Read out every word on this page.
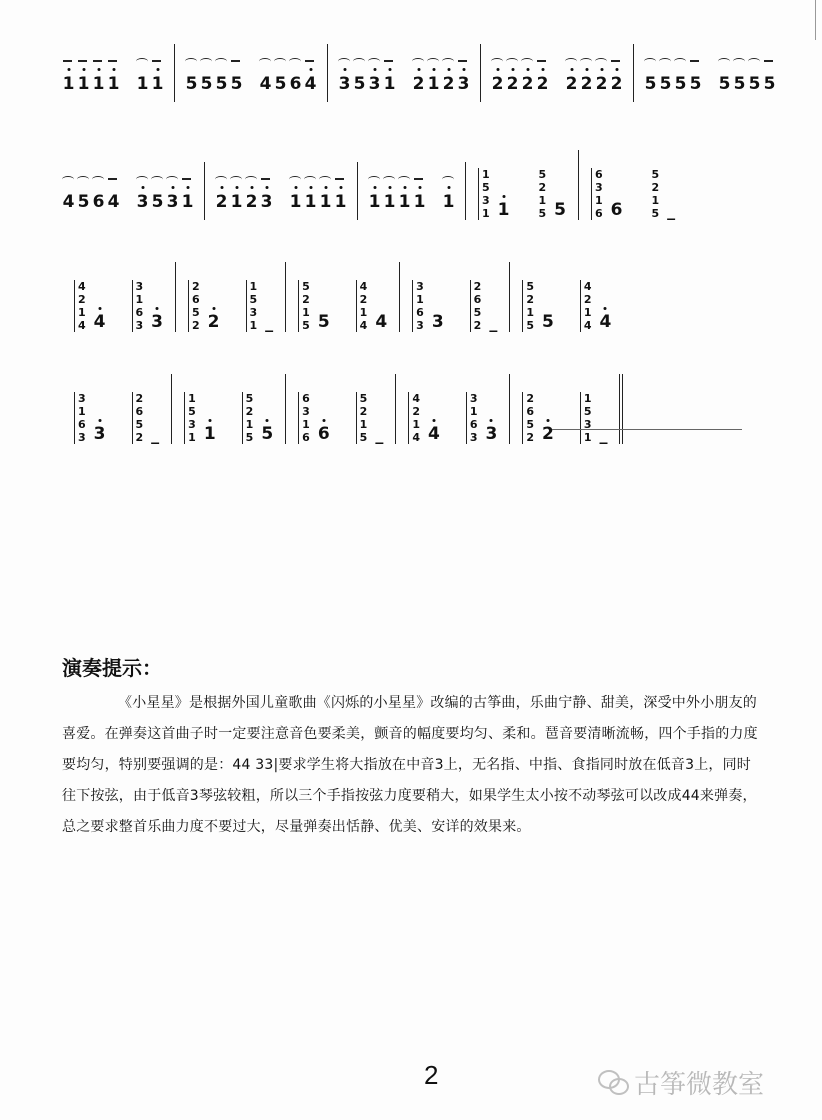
1 1 1 1 1 1 5 5 5 5 4 5 6 4 3 5 3 1 2 1 2 3 2 2 2 2 2 2 2 2 5 5 5 5 5 5 5 5
4 5 6 4 3 5 3 1 2 1 2 3 1 1 1 1 1 1 1 1 1
1
5
3
1 1
5
2
1
5 5
6
3
1
6 6
5
2
1
5 _
4
2
1
4 4
3
1
6
3 3
2
6
5
2 2
1
5
3
1 _
5
2
1
5 5
4
2
1
4 4
3
1
6
3 3
2
6
5
2 _
5
2
1
5 5
4
2
1
4 4
3
1
6
3 3
2
6
5
2 _
1
5
3
1 1
5
2
1
5 5
6
3
1
6 6
5
2
1
5 _
4
2
1
4 4
3
1
6
3 3
2
6
5
2 2
1
5
3
1 _
演奏提示：
《小星星》是根据外国儿童歌曲《闪烁的小星星》改编的古筝曲，乐曲宁静、甜美，深受中外小朋友的喜爱。在弹奏这首曲子时一定要注意音色要柔美，颤音的幅度要均匀、柔和。琶音要清晰流畅，四个手指的力度要均匀，特别要强调的是：44 33|要求学生将大指放在中音3上，无名指、中指、食指同时放在低音3上，同时往下按弦，由于低音3琴弦较粗，所以三个手指按弦力度要稍大，如果学生太小按不动琴弦可以改成44来弹奏，总之要求整首乐曲力度不要过大，尽量弹奏出恬静、优美、安详的效果来。
2	古筝微教室
